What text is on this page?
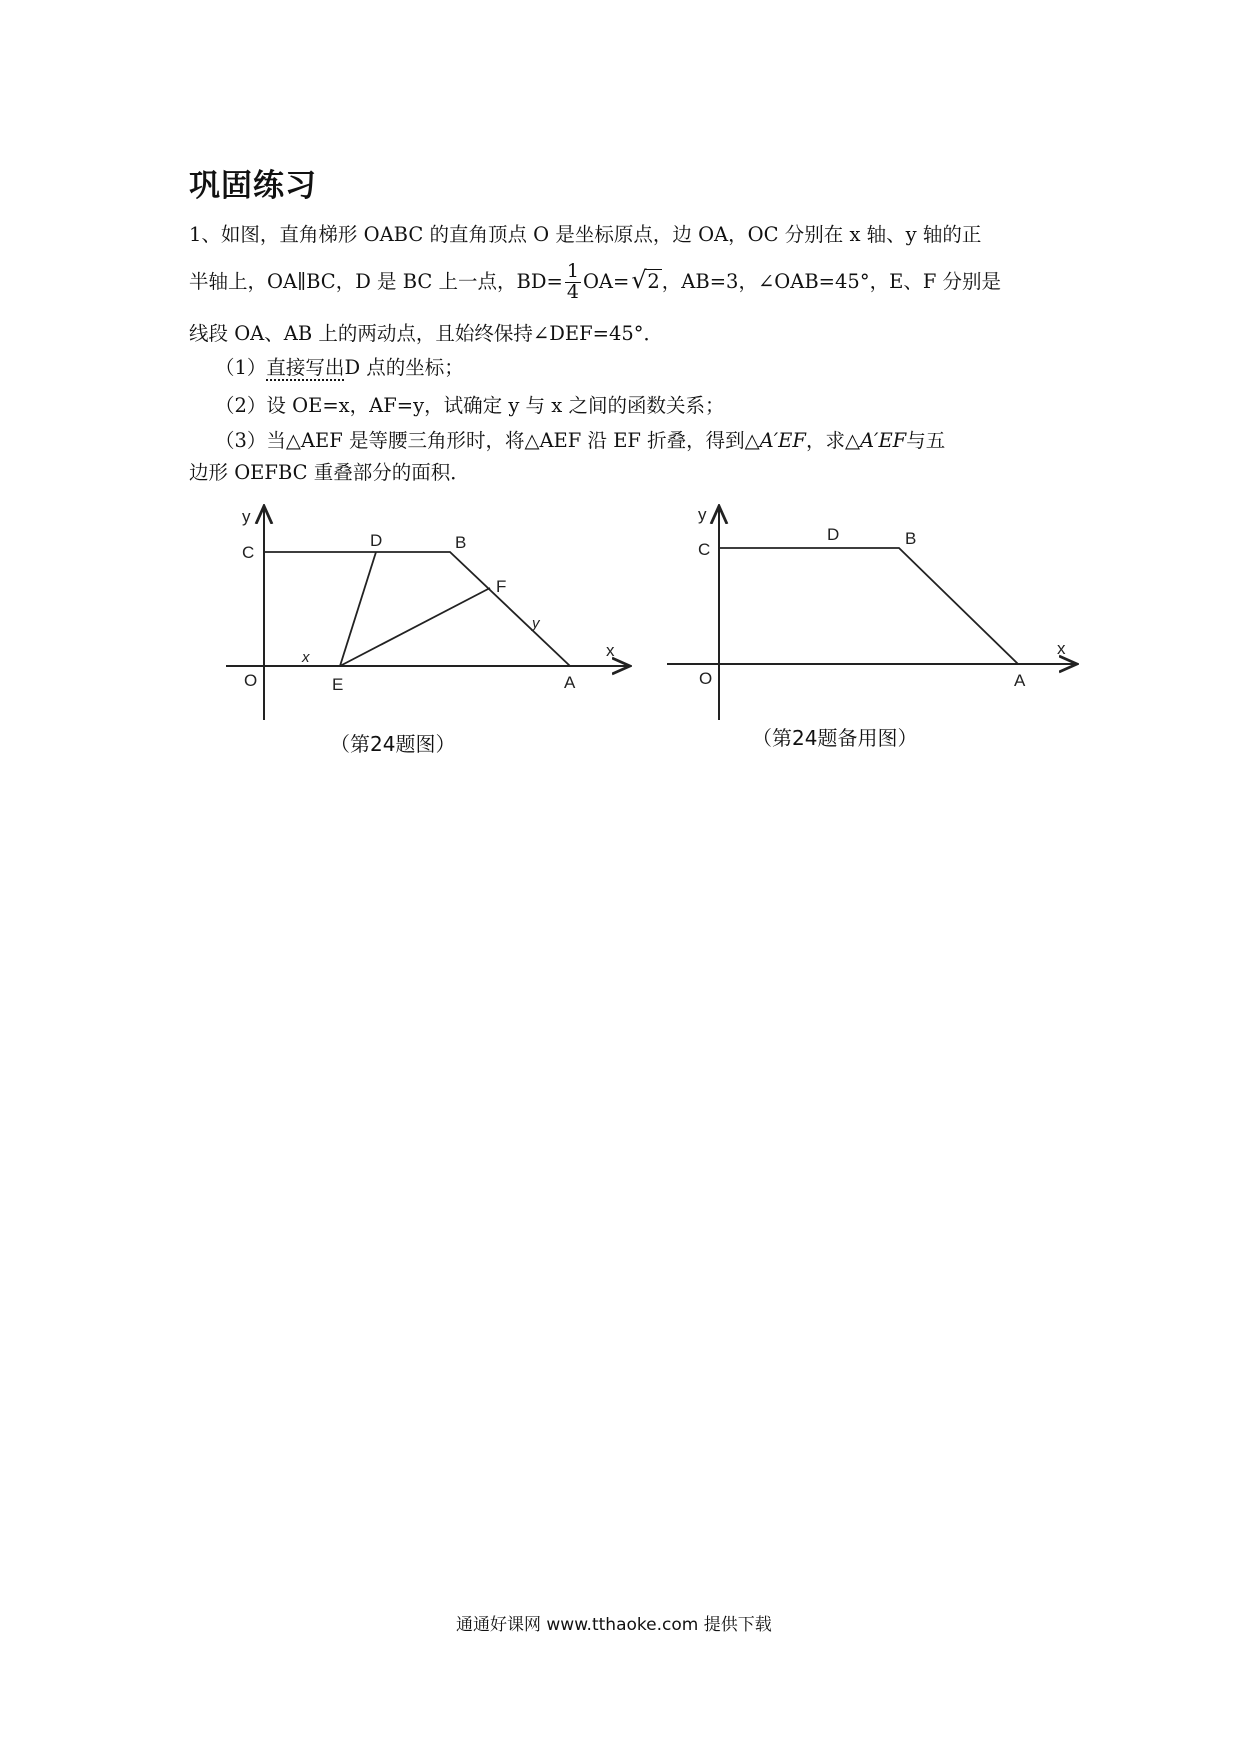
巩固练习
1、如图，直角梯形 OABC 的直角顶点 O 是坐标原点，边 OA，OC 分别在 x 轴、y 轴的正
半轴上，OA∥BC，D 是 BC 上一点，$BD= \frac{1}{4} OA=$ √ 2 ，AB=3，∠OAB=45°，E、F 分别是
线段 OA、AB 上的两动点，且始终保持∠DEF=45°．
（1）直接写出D 点的坐标；
（2）设 OE=x，AF=y，试确定 y 与 x 之间的函数关系；
（3）当△AEF 是等腰三角形时，将△AEF 沿 EF 折叠，得到△A′EF，求△A′EF与五
边形 OEFBC 重叠部分的面积．
y
C
D	B
F
x
y
O	E	A
x
（第24题图）
y
C
D	B
O	A
x
（第24题备用图）
通通好课网 www.tthaoke.com 提供下载
